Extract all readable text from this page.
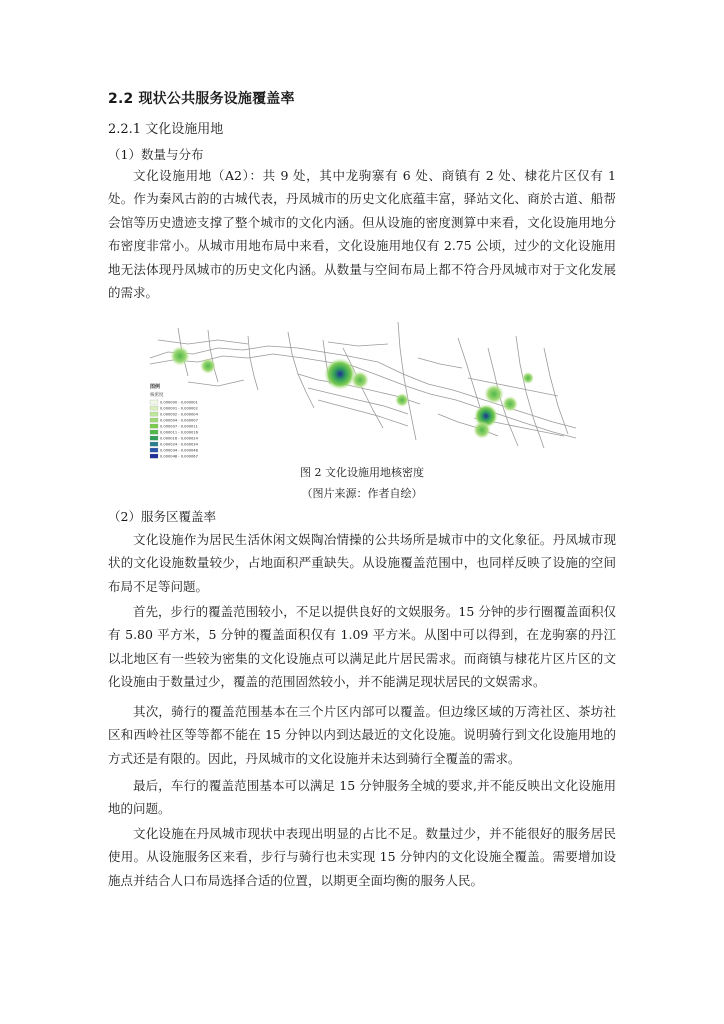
2.2 现状公共服务设施覆盖率
2.2.1 文化设施用地
（1）数量与分布
文化设施用地（A2）：共 9 处，其中龙驹寨有 6 处、商镇有 2 处、棣花片区仅有 1 处。作为秦风古韵的古城代表，丹凤城市的历史文化底蕴丰富，驿站文化、商於古道、船帮会馆等历史遗迹支撑了整个城市的文化内涵。但从设施的密度测算中来看，文化设施用地分布密度非常小。从城市用地布局中来看，文化设施用地仅有 2.75 公顷，过少的文化设施用地无法体现丹凤城市的历史文化内涵。从数量与空间布局上都不符合丹凤城市对于文化发展的需求。
图例
核密度
0.000000 - 0.000001
0.000001 - 0.000002
0.000002 - 0.000004
0.000004 - 0.000007
0.000007 - 0.000011
0.000011 - 0.000016
0.000016 - 0.000024
0.000024 - 0.000034
0.000034 - 0.000048
0.000048 - 0.000067
图 2 文化设施用地核密度
（图片来源：作者自绘）
（2）服务区覆盖率
文化设施作为居民生活休闲文娱陶冶情操的公共场所是城市中的文化象征。丹凤城市现状的文化设施数量较少，占地面积严重缺失。从设施覆盖范围中，也同样反映了设施的空间布局不足等问题。
首先，步行的覆盖范围较小，不足以提供良好的文娱服务。15 分钟的步行圈覆盖面积仅有 5.80 平方米，5 分钟的覆盖面积仅有 1.09 平方米。从图中可以得到，在龙驹寨的丹江以北地区有一些较为密集的文化设施点可以满足此片居民需求。而商镇与棣花片区片区的文化设施由于数量过少，覆盖的范围固然较小，并不能满足现状居民的文娱需求。
其次，骑行的覆盖范围基本在三个片区内部可以覆盖。但边缘区域的万湾社区、茶坊社区和西岭社区等等都不能在 15 分钟以内到达最近的文化设施。说明骑行到文化设施用地的方式还是有限的。因此，丹凤城市的文化设施并未达到骑行全覆盖的需求。
最后，车行的覆盖范围基本可以满足 15 分钟服务全城的要求,并不能反映出文化设施用地的问题。
文化设施在丹凤城市现状中表现出明显的占比不足。数量过少，并不能很好的服务居民使用。从设施服务区来看，步行与骑行也未实现 15 分钟内的文化设施全覆盖。需要增加设施点并结合人口布局选择合适的位置，以期更全面均衡的服务人民。
